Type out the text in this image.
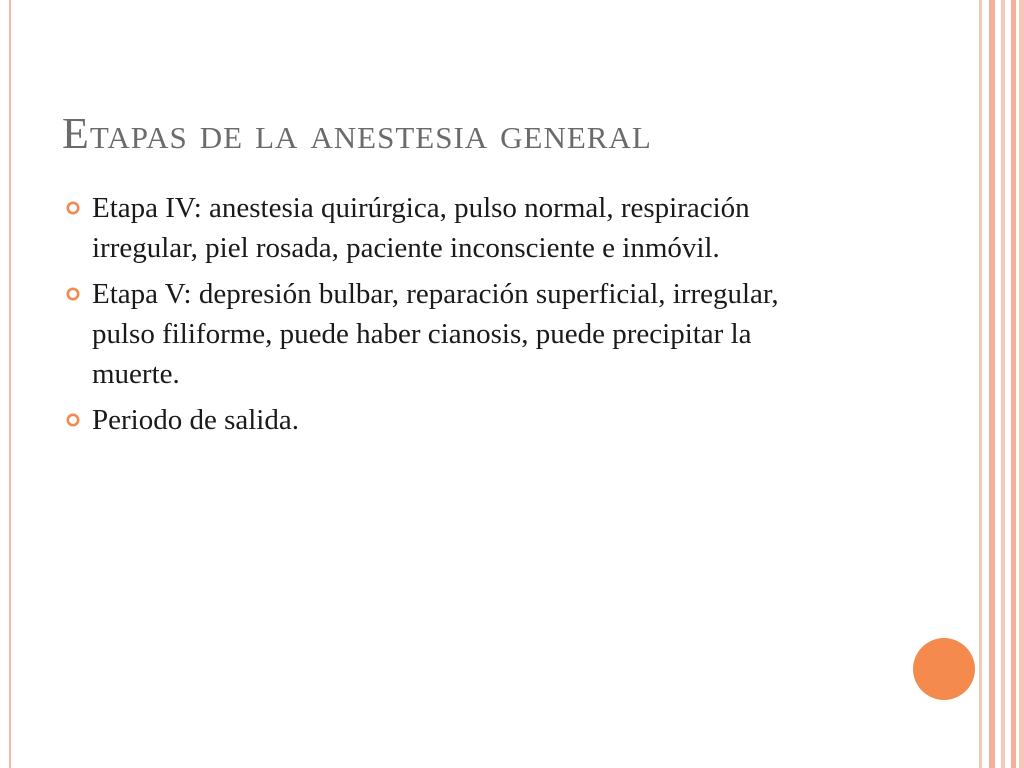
Etapas de la anestesia general
Etapa IV: anestesia quirúrgica, pulso normal, respiración irregular, piel rosada, paciente inconsciente e inmóvil.
Etapa V: depresión bulbar, reparación superficial, irregular, pulso filiforme, puede haber cianosis, puede precipitar la muerte.
Periodo de salida.
